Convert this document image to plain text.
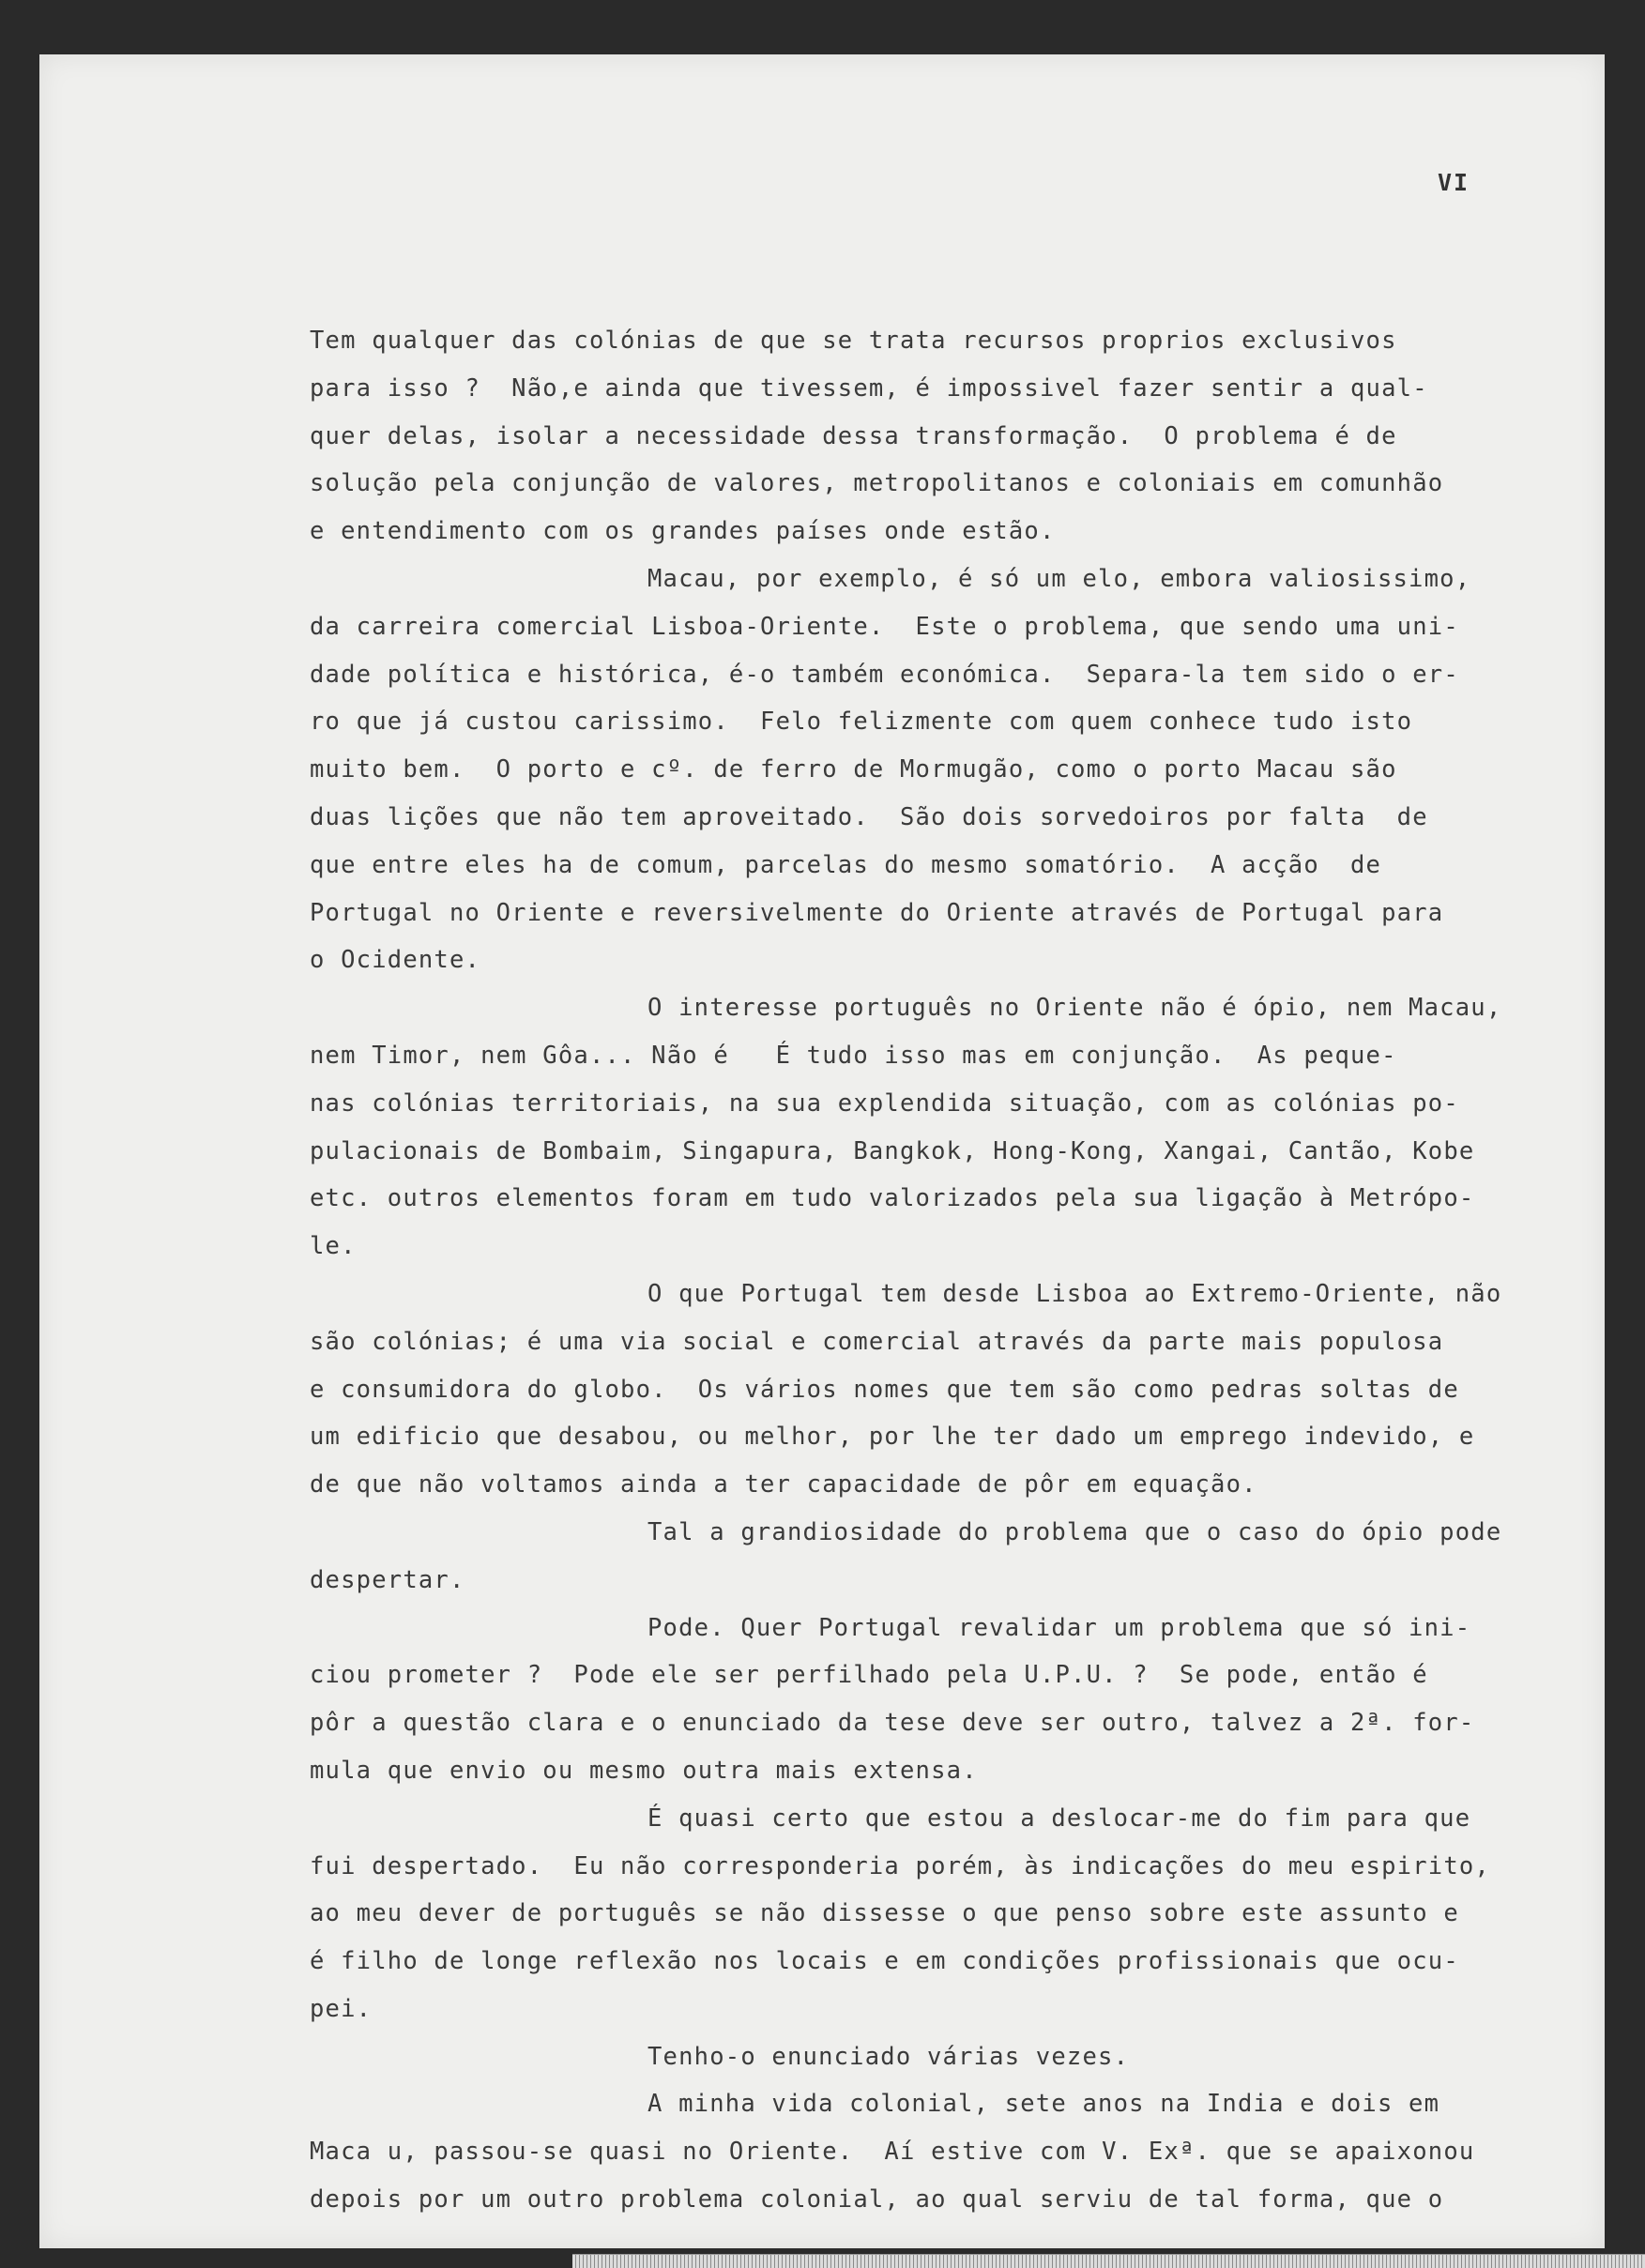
VI
Tem qualquer das colónias de que se trata recursos proprios exclusivos
para isso ?  Não,e ainda que tivessem, é impossivel fazer sentir a qual-
quer delas, isolar a necessidade dessa transformação.  O problema é de
solução pela conjunção de valores, metropolitanos e coloniais em comunhão
e entendimento com os grandes países onde estão.
Macau, por exemplo, é só um elo, embora valiosissimo,
da carreira comercial Lisboa-Oriente.  Este o problema, que sendo uma uni-
dade política e histórica, é-o também económica.  Separa-la tem sido o er-
ro que já custou carissimo.  Felo felizmente com quem conhece tudo isto
muito bem.  O porto e cº. de ferro de Mormugão, como o porto Macau são
duas lições que não tem aproveitado.  São dois sorvedoiros por falta  de
que entre eles ha de comum, parcelas do mesmo somatório.  A acção  de
Portugal no Oriente e reversivelmente do Oriente através de Portugal para
o Ocidente.
O interesse português no Oriente não é ópio, nem Macau,
nem Timor, nem Gôa... Não é   É tudo isso mas em conjunção.  As peque-
nas colónias territoriais, na sua explendida situação, com as colónias po-
pulacionais de Bombaim, Singapura, Bangkok, Hong-Kong, Xangai, Cantão, Kobe
etc. outros elementos foram em tudo valorizados pela sua ligação à Metrópo-
le.
O que Portugal tem desde Lisboa ao Extremo-Oriente, não
são colónias; é uma via social e comercial através da parte mais populosa
e consumidora do globo.  Os vários nomes que tem são como pedras soltas de
um edificio que desabou, ou melhor, por lhe ter dado um emprego indevido, e
de que não voltamos ainda a ter capacidade de pôr em equação.
Tal a grandiosidade do problema que o caso do ópio pode
despertar.
Pode. Quer Portugal revalidar um problema que só ini-
ciou prometer ?  Pode ele ser perfilhado pela U.P.U. ?  Se pode, então é
pôr a questão clara e o enunciado da tese deve ser outro, talvez a 2ª. for-
mula que envio ou mesmo outra mais extensa.
É quasi certo que estou a deslocar-me do fim para que
fui despertado.  Eu não corresponderia porém, às indicações do meu espirito,
ao meu dever de português se não dissesse o que penso sobre este assunto e
é filho de longe reflexão nos locais e em condições profissionais que ocu-
pei.
Tenho-o enunciado várias vezes.
A minha vida colonial, sete anos na India e dois em
Maca u, passou-se quasi no Oriente.  Aí estive com V. Exª. que se apaixonou
depois por um outro problema colonial, ao qual serviu de tal forma, que o
